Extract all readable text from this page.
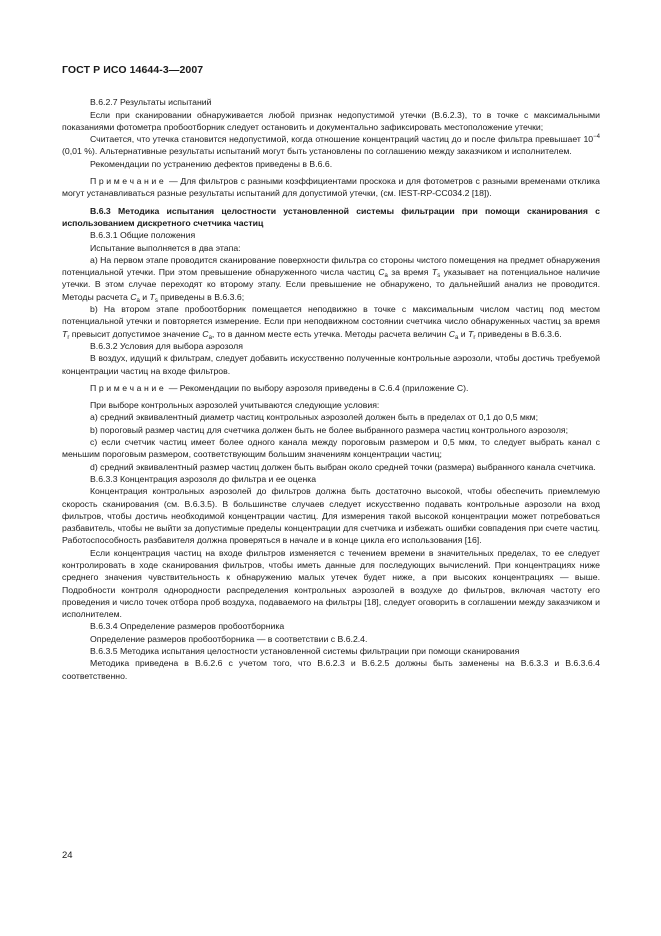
ГОСТ Р ИСО 14644-3—2007

В.6.2.7 Результаты испытаний

Если при сканировании обнаруживается любой признак недопустимой утечки (В.6.2.3), то в точке с максимальными показаниями фотометра пробоотборник следует остановить и документально зафиксировать местоположение утечки;

Считается, что утечка становится недопустимой, когда отношение концентраций частиц до и после фильтра превышает $10^{-4}$ (0,01 %). Альтернативные результаты испытаний могут быть установлены по соглашению между заказчиком и исполнителем.

Рекомендации по устранению дефектов приведены в В.6.6.

Примечание — Для фильтров с разными коэффициентами проскока и для фотометров с разными временами отклика могут устанавливаться разные результаты испытаний для допустимой утечки, (см. IEST-RP-CC034.2 [18]).

В.6.3 Методика испытания целостности установленной системы фильтрации при помощи сканирования с использованием дискретного счетчика частиц

В.6.3.1 Общие положения

Испытание выполняется в два этапа:

а) На первом этапе проводится сканирование поверхности фильтра со стороны чистого помещения на предмет обнаружения потенциальной утечки. При этом превышение обнаруженного числа частиц $C_a$ за время $T_s$ указывает на потенциальное наличие утечки. В этом случае переходят ко второму этапу. Если превышение не обнаружено, то дальнейший анализ не проводится. Методы расчета $C_a$ и $T_s$ приведены в В.6.3.6;

b) На втором этапе пробоотборник помещается неподвижно в точке с максимальным числом частиц под местом потенциальной утечки и повторяется измерение. Если при неподвижном состоянии счетчика число обнаруженных частиц за время $T_r$ превысит допустимое значение $C_a$, то в данном месте есть утечка. Методы расчета величин $C_a$ и $T_r$ приведены в В.6.3.6.

В.6.3.2 Условия для выбора аэрозоля

В воздух, идущий к фильтрам, следует добавить искусственно полученные контрольные аэрозоли, чтобы достичь требуемой концентрации частиц на входе фильтров.

Примечание — Рекомендации по выбору аэрозоля приведены в С.6.4 (приложение С).

При выборе контрольных аэрозолей учитываются следующие условия:

а) средний эквивалентный диаметр частиц контрольных аэрозолей должен быть в пределах от 0,1 до 0,5 мкм;

b) пороговый размер частиц для счетчика должен быть не более выбранного размера частиц контрольного аэрозоля;

с) если счетчик частиц имеет более одного канала между пороговым размером и 0,5 мкм, то следует выбрать канал с меньшим пороговым размером, соответствующим большим значениям концентрации частиц;

d) средний эквивалентный размер частиц должен быть выбран около средней точки (размера) выбранного канала счетчика.

В.6.3.3 Концентрация аэрозоля до фильтра и ее оценка

Концентрация контрольных аэрозолей до фильтров должна быть достаточно высокой, чтобы обеспечить приемлемую скорость сканирования (см. В.6.3.5). В большинстве случаев следует искусственно подавать контрольные аэрозоли на вход фильтров, чтобы достичь необходимой концентрации частиц. Для измерения такой высокой концентрации может потребоваться разбавитель, чтобы не выйти за допустимые пределы концентрации для счетчика и избежать ошибки совпадения при счете частиц. Работоспособность разбавителя должна проверяться в начале и в конце цикла его использования [16].

Если концентрация частиц на входе фильтров изменяется с течением времени в значительных пределах, то ее следует контролировать в ходе сканирования фильтров, чтобы иметь данные для последующих вычислений. При концентрациях ниже среднего значения чувствительность к обнаружению малых утечек будет ниже, а при высоких концентрациях — выше. Подробности контроля однородности распределения контрольных аэрозолей в воздухе до фильтров, включая частоту его проведения и число точек отбора проб воздуха, подаваемого на фильтры [18], следует оговорить в соглашении между заказчиком и исполнителем.

В.6.3.4 Определение размеров пробоотборника

Определение размеров пробоотборника — в соответствии с В.6.2.4.

В.6.3.5 Методика испытания целостности установленной системы фильтрации при помощи сканирования

Методика приведена в В.6.2.6 с учетом того, что В.6.2.3 и В.6.2.5 должны быть заменены на В.6.3.3 и В.6.3.6.4 соответственно.

24
